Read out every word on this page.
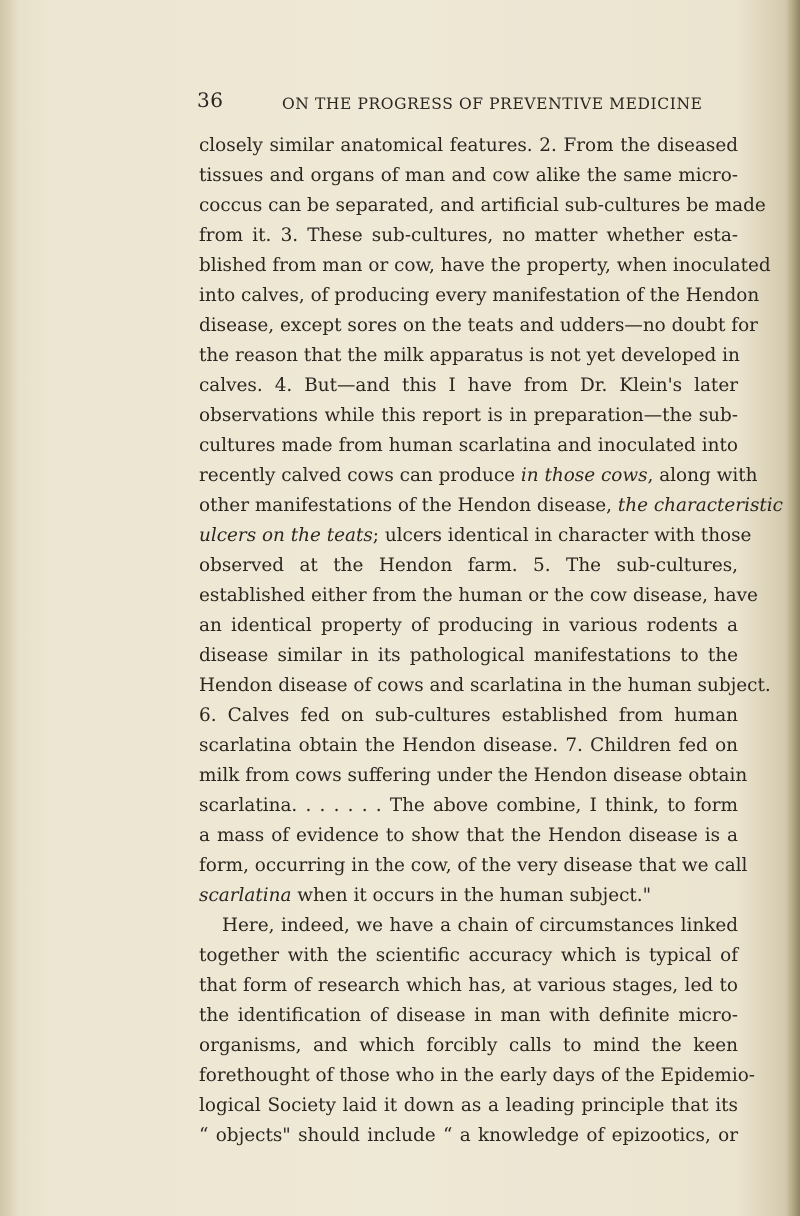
36	ON THE PROGRESS OF PREVENTIVE MEDICINE
closely similar anatomical features. 2. From the diseased
tissues and organs of man and cow alike the same micro-
coccus can be separated, and artificial sub-cultures be made
from it. 3. These sub-cultures, no matter whether esta-
blished from man or cow, have the property, when inoculated
into calves, of producing every manifestation of the Hendon
disease, except sores on the teats and udders—no doubt for
the reason that the milk apparatus is not yet developed in
calves. 4. But—and this I have from Dr. Klein's later
observations while this report is in preparation—the sub-
cultures made from human scarlatina and inoculated into
recently calved cows can produce in those cows, along with
other manifestations of the Hendon disease, the characteristic
ulcers on the teats; ulcers identical in character with those
observed at the Hendon farm. 5. The sub-cultures,
established either from the human or the cow disease, have
an identical property of producing in various rodents a
disease similar in its pathological manifestations to the
Hendon disease of cows and scarlatina in the human subject.
6. Calves fed on sub-cultures established from human
scarlatina obtain the Hendon disease. 7. Children fed on
milk from cows suffering under the Hendon disease obtain
scarlatina. . . . . . . The above combine, I think, to form
a mass of evidence to show that the Hendon disease is a
form, occurring in the cow, of the very disease that we call
scarlatina when it occurs in the human subject."
Here, indeed, we have a chain of circumstances linked
together with the scientific accuracy which is typical of
that form of research which has, at various stages, led to
the identification of disease in man with definite micro-
organisms, and which forcibly calls to mind the keen
forethought of those who in the early days of the Epidemio-
logical Society laid it down as a leading principle that its
“ objects" should include “ a knowledge of epizootics, or
